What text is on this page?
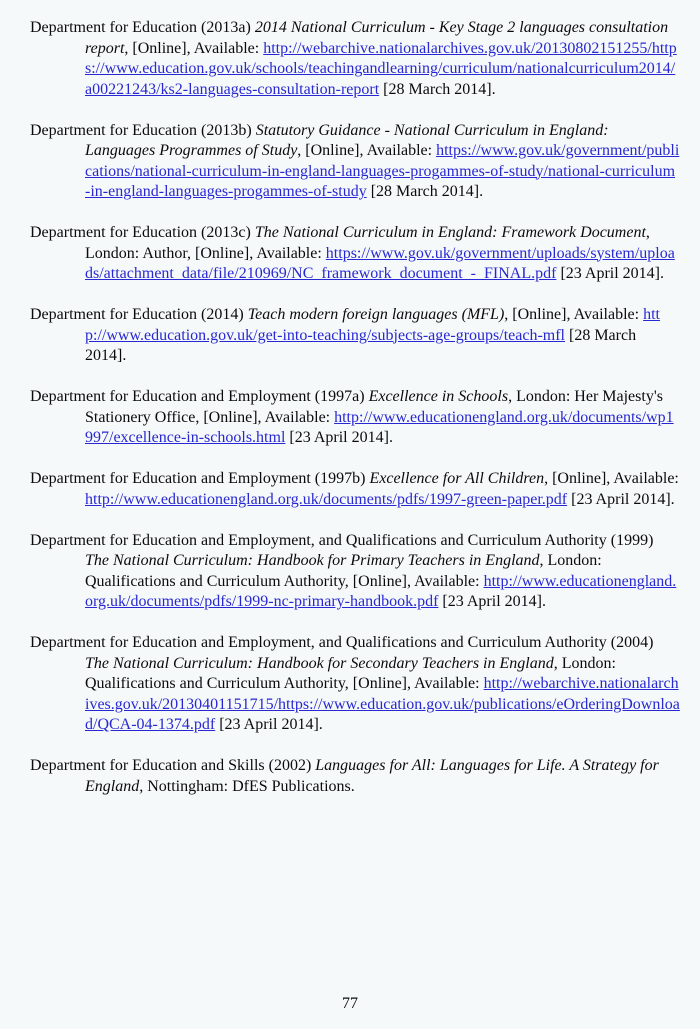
Department for Education (2013a) 2014 National Curriculum - Key Stage 2 languages consultation report, [Online], Available: http://webarchive.nationalarchives.gov.uk/20130802151255/https://www.education.gov.uk/schools/teachingandlearning/curriculum/nationalcurriculum2014/a00221243/ks2-languages-consultation-report [28 March 2014].

Department for Education (2013b) Statutory Guidance - National Curriculum in England: Languages Programmes of Study, [Online], Available: https://www.gov.uk/government/publications/national-curriculum-in-england-languages-progammes-of-study/national-curriculum-in-england-languages-progammes-of-study [28 March 2014].

Department for Education (2013c) The National Curriculum in England: Framework Document, London: Author, [Online], Available: https://www.gov.uk/government/uploads/system/uploads/attachment_data/file/210969/NC_framework_document_-_FINAL.pdf [23 April 2014].

Department for Education (2014) Teach modern foreign languages (MFL), [Online], Available: http://www.education.gov.uk/get-into-teaching/subjects-age-groups/teach-mfl [28 March 2014].

Department for Education and Employment (1997a) Excellence in Schools, London: Her Majesty's Stationery Office, [Online], Available: http://www.educationengland.org.uk/documents/wp1997/excellence-in-schools.html [23 April 2014].

Department for Education and Employment (1997b) Excellence for All Children, [Online], Available: http://www.educationengland.org.uk/documents/pdfs/1997-green-paper.pdf [23 April 2014].

Department for Education and Employment, and Qualifications and Curriculum Authority (1999) The National Curriculum: Handbook for Primary Teachers in England, London: Qualifications and Curriculum Authority, [Online], Available: http://www.educationengland.org.uk/documents/pdfs/1999-nc-primary-handbook.pdf [23 April 2014].

Department for Education and Employment, and Qualifications and Curriculum Authority (2004) The National Curriculum: Handbook for Secondary Teachers in England, London: Qualifications and Curriculum Authority, [Online], Available: http://webarchive.nationalarchives.gov.uk/20130401151715/https://www.education.gov.uk/publications/eOrderingDownload/QCA-04-1374.pdf [23 April 2014].

Department for Education and Skills (2002) Languages for All: Languages for Life. A Strategy for England, Nottingham: DfES Publications.

77
